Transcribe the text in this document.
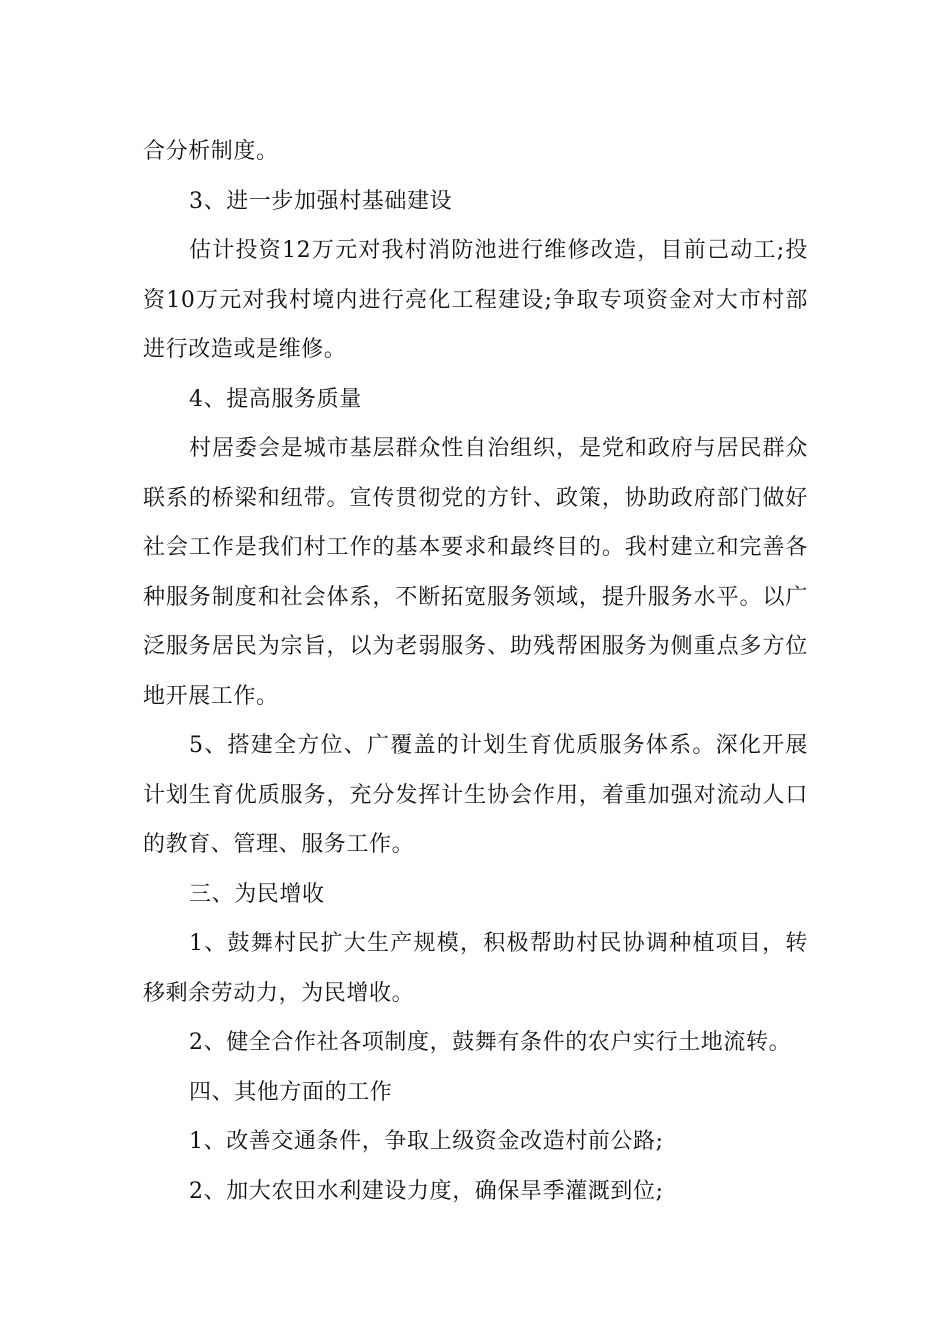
合分析制度。

3、进一步加强村基础建设

估计投资12万元对我村消防池进行维修改造，目前己动工;投资10万元对我村境内进行亮化工程建设;争取专项资金对大市村部进行改造或是维修。

4、提高服务质量

村居委会是城市基层群众性自治组织，是党和政府与居民群众联系的桥梁和纽带。宣传贯彻党的方针、政策，协助政府部门做好社会工作是我们村工作的基本要求和最终目的。我村建立和完善各种服务制度和社会体系，不断拓宽服务领域，提升服务水平。以广泛服务居民为宗旨，以为老弱服务、助残帮困服务为侧重点多方位地开展工作。

5、搭建全方位、广覆盖的计划生育优质服务体系。深化开展计划生育优质服务，充分发挥计生协会作用，着重加强对流动人口的教育、管理、服务工作。

三、为民增收

1、鼓舞村民扩大生产规模，积极帮助村民协调种植项目，转移剩余劳动力，为民增收。

2、健全合作社各项制度，鼓舞有条件的农户实行土地流转。

四、其他方面的工作

1、改善交通条件，争取上级资金改造村前公路;

2、加大农田水利建设力度，确保旱季灌溉到位;
